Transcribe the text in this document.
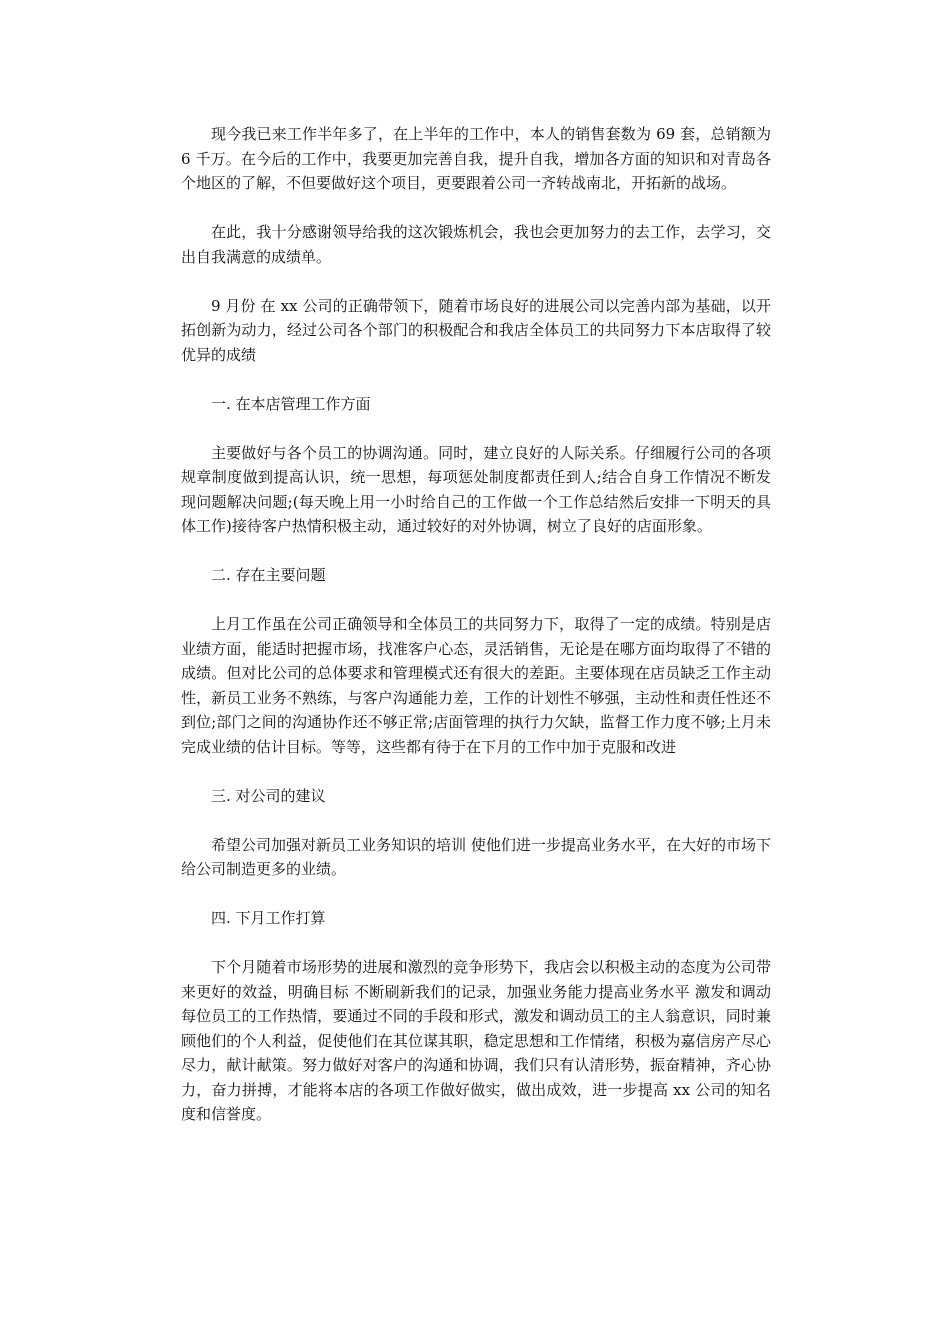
现今我已来工作半年多了，在上半年的工作中，本人的销售套数为 69 套，总销额为 6 千万。在今后的工作中，我要更加完善自我，提升自我，增加各方面的知识和对青岛各个地区的了解，不但要做好这个项目，更要跟着公司一齐转战南北，开拓新的战场。

在此，我十分感谢领导给我的这次锻炼机会，我也会更加努力的去工作，去学习，交出自我满意的成绩单。

9 月份 在 xx 公司的正确带领下，随着市场良好的进展公司以完善内部为基础，以开拓创新为动力，经过公司各个部门的积极配合和我店全体员工的共同努力下本店取得了较优异的成绩

一. 在本店管理工作方面

主要做好与各个员工的协调沟通。同时，建立良好的人际关系。仔细履行公司的各项规章制度做到提高认识，统一思想，每项惩处制度都责任到人;结合自身工作情况不断发现问题解决问题;(每天晚上用一小时给自己的工作做一个工作总结然后安排一下明天的具体工作)接待客户热情积极主动，通过较好的对外协调，树立了良好的店面形象。

二. 存在主要问题

上月工作虽在公司正确领导和全体员工的共同努力下，取得了一定的成绩。特别是店业绩方面，能适时把握市场，找准客户心态，灵活销售，无论是在哪方面均取得了不错的成绩。但对比公司的总体要求和管理模式还有很大的差距。主要体现在店员缺乏工作主动性，新员工业务不熟练，与客户沟通能力差，工作的计划性不够强，主动性和责任性还不到位;部门之间的沟通协作还不够正常;店面管理的执行力欠缺，监督工作力度不够;上月未完成业绩的估计目标。等等，这些都有待于在下月的工作中加于克服和改进

三. 对公司的建议

希望公司加强对新员工业务知识的培训 使他们进一步提高业务水平，在大好的市场下给公司制造更多的业绩。

四. 下月工作打算

下个月随着市场形势的进展和激烈的竞争形势下，我店会以积极主动的态度为公司带来更好的效益，明确目标 不断刷新我们的记录，加强业务能力提高业务水平 激发和调动每位员工的工作热情，要通过不同的手段和形式，激发和调动员工的主人翁意识，同时兼顾他们的个人利益，促使他们在其位谋其职，稳定思想和工作情绪，积极为嘉信房产尽心尽力，献计献策。努力做好对客户的沟通和协调，我们只有认清形势，振奋精神，齐心协力，奋力拼搏，才能将本店的各项工作做好做实，做出成效，进一步提高 xx 公司的知名度和信誉度。
